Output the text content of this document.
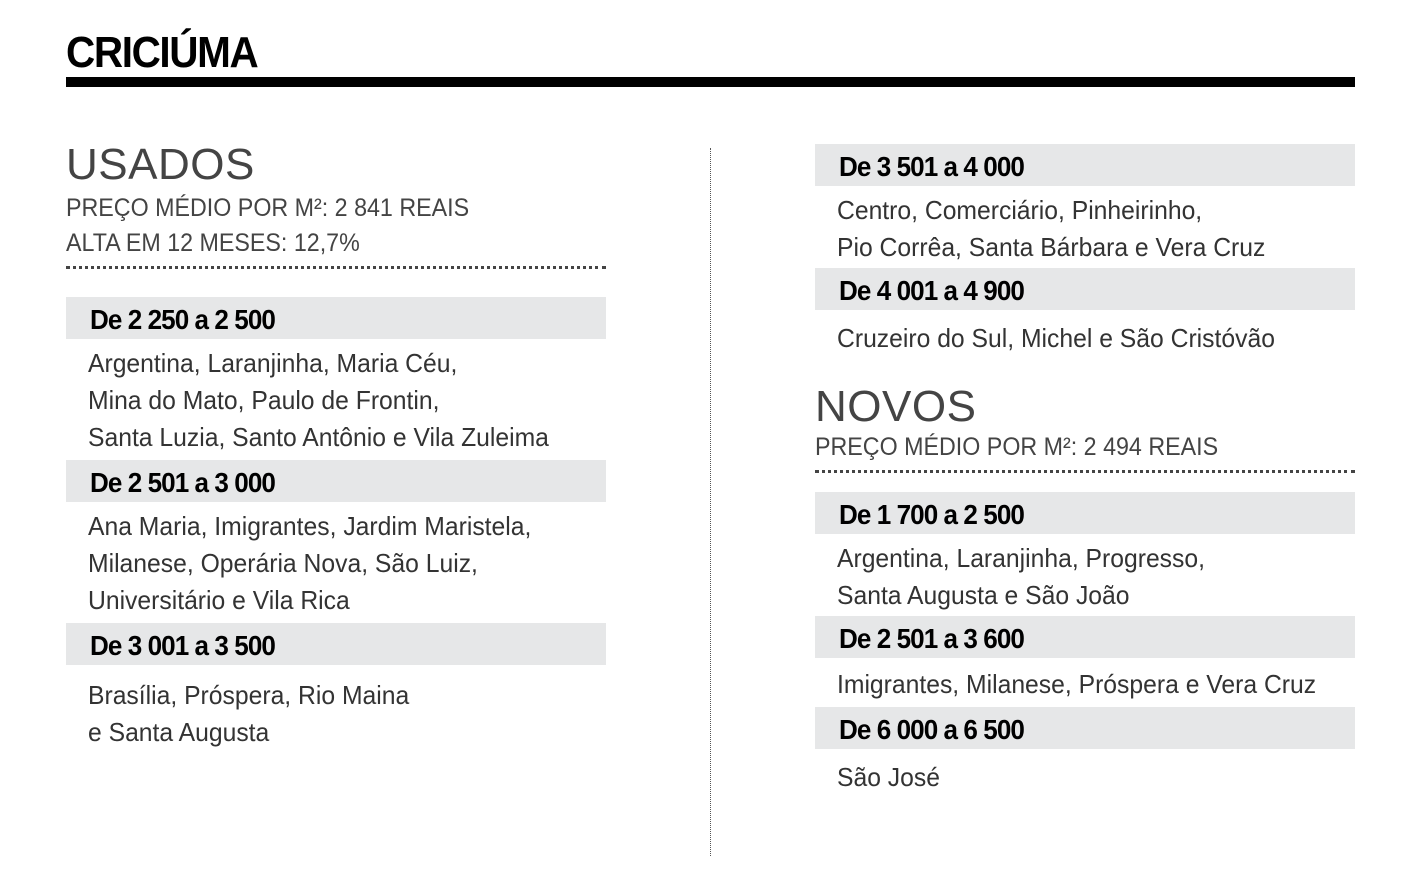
CRICIÚMA
USADOS
PREÇO MÉDIO POR M²: 2 841 REAIS
ALTA EM 12 MESES: 12,7%
De 2 250 a 2 500
Argentina, Laranjinha, Maria Céu,
Mina do Mato, Paulo de Frontin,
Santa Luzia, Santo Antônio e Vila Zuleima
De 2 501 a 3 000
Ana Maria, Imigrantes, Jardim Maristela,
Milanese, Operária Nova, São Luiz,
Universitário e Vila Rica
De 3 001 a 3 500
Brasília, Próspera, Rio Maina
e Santa Augusta
De 3 501 a 4 000
Centro, Comerciário, Pinheirinho,
Pio Corrêa, Santa Bárbara e Vera Cruz
De 4 001 a 4 900
Cruzeiro do Sul, Michel e São Cristóvão
NOVOS
PREÇO MÉDIO POR M²: 2 494 REAIS
De 1 700 a 2 500
Argentina, Laranjinha, Progresso,
Santa Augusta e São João
De 2 501 a 3 600
Imigrantes, Milanese, Próspera e Vera Cruz
De 6 000 a 6 500
São José
